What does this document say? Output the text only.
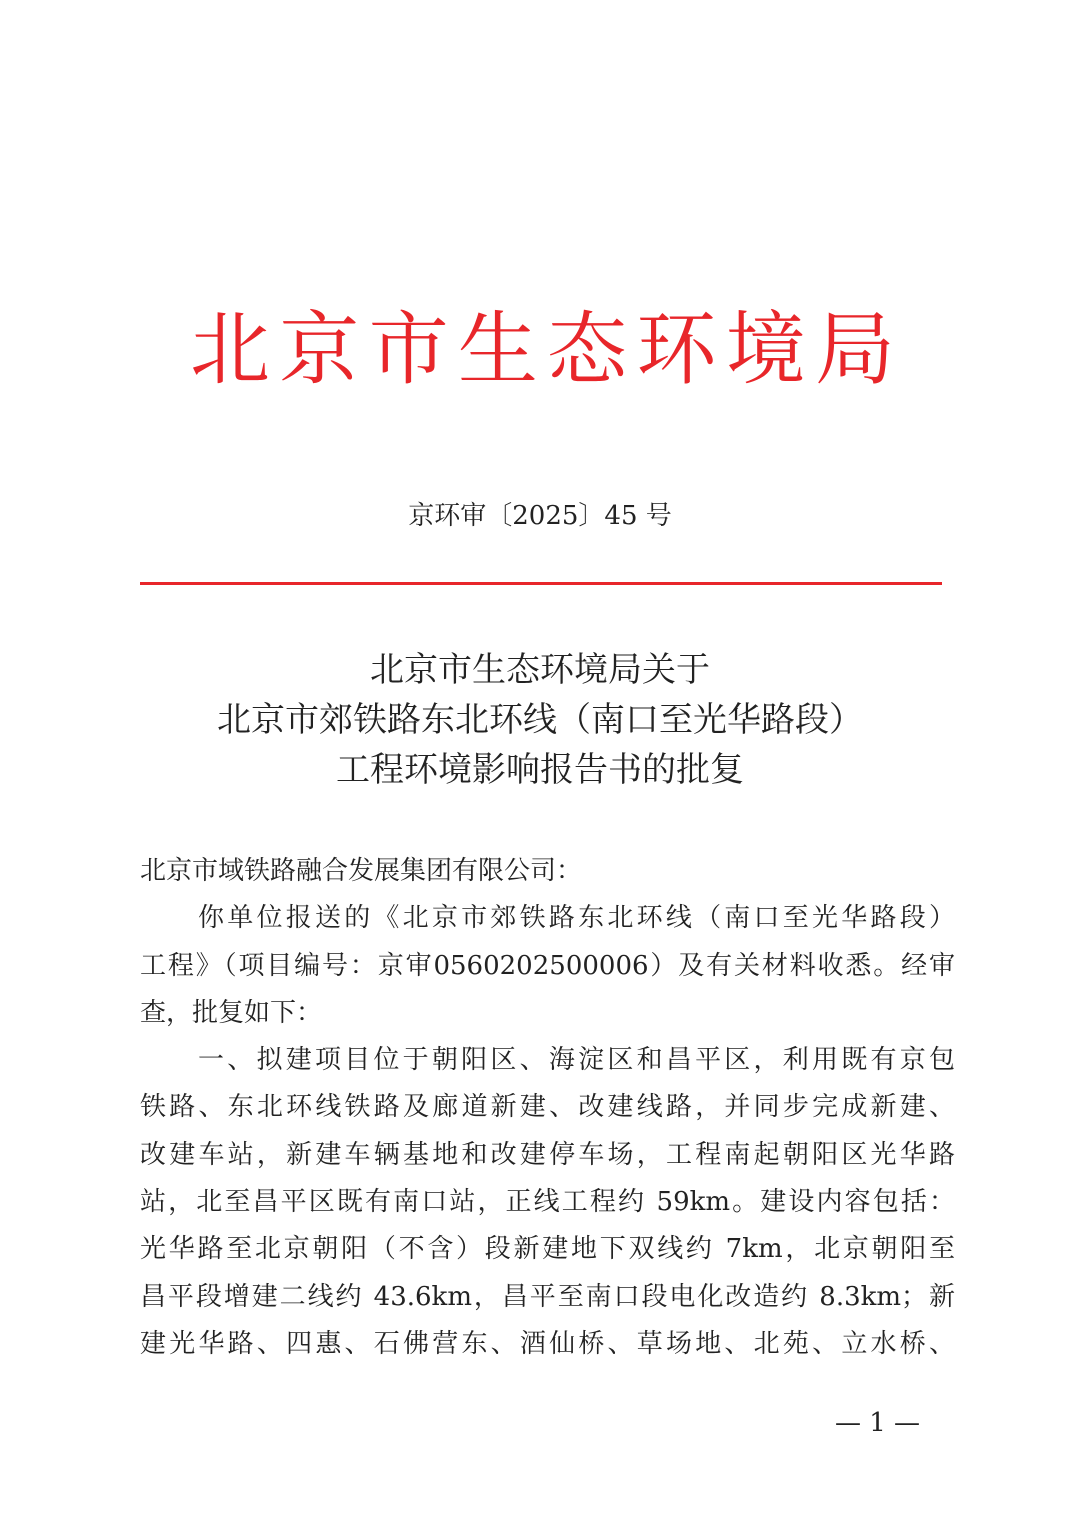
北京市生态环境局
京环审〔2025〕45 号
北京市生态环境局关于
北京市郊铁路东北环线（南口至光华路段）
工程环境影响报告书的批复
北京市域铁路融合发展集团有限公司：
你单位报送的《北京市郊铁路东北环线（南口至光华路段）
工程》（项目编号：京审0560202500006）及有关材料收悉。经审
查，批复如下：
一、拟建项目位于朝阳区、海淀区和昌平区，利用既有京包
铁路、东北环线铁路及廊道新建、改建线路，并同步完成新建、
改建车站，新建车辆基地和改建停车场，工程南起朝阳区光华路
站，北至昌平区既有南口站，正线工程约 59km。建设内容包括：
光华路至北京朝阳（不含）段新建地下双线约 7km，北京朝阳至
昌平段增建二线约 43.6km，昌平至南口段电化改造约 8.3km；新
建光华路、四惠、石佛营东、酒仙桥、草场地、北苑、立水桥、
— 1 —
